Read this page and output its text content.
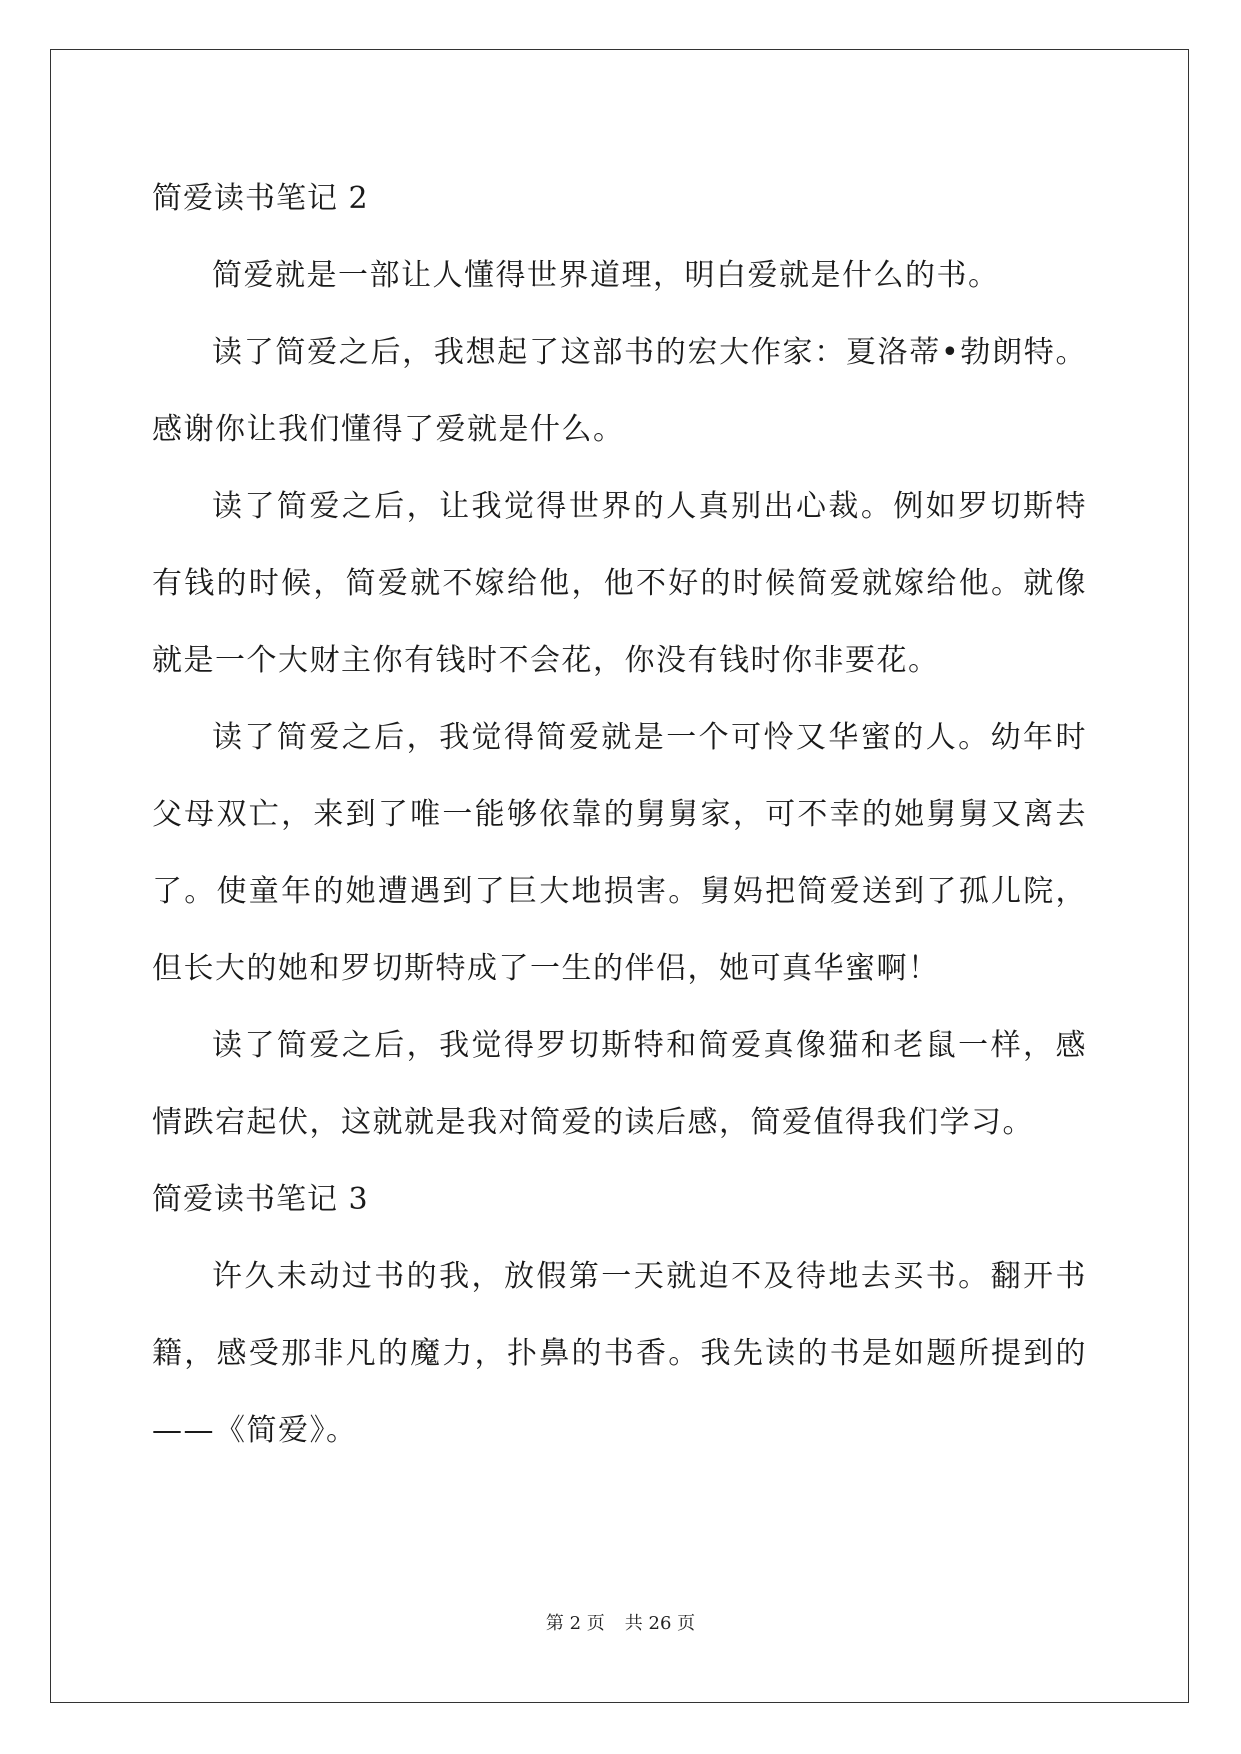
简爱读书笔记 2

简爱就是一部让人懂得世界道理，明白爱就是什么的书。

读了简爱之后，我想起了这部书的宏大作家：夏洛蒂•勃朗特。感谢你让我们懂得了爱就是什么。

读了简爱之后，让我觉得世界的人真别出心裁。例如罗切斯特有钱的时候，简爱就不嫁给他，他不好的时候简爱就嫁给他。就像就是一个大财主你有钱时不会花，你没有钱时你非要花。

读了简爱之后，我觉得简爱就是一个可怜又华蜜的人。幼年时父母双亡，来到了唯一能够依靠的舅舅家，可不幸的她舅舅又离去了。使童年的她遭遇到了巨大地损害。舅妈把简爱送到了孤儿院，但长大的她和罗切斯特成了一生的伴侣，她可真华蜜啊！

读了简爱之后，我觉得罗切斯特和简爱真像猫和老鼠一样，感情跌宕起伏，这就就是我对简爱的读后感，简爱值得我们学习。

简爱读书笔记 3

许久未动过书的我，放假第一天就迫不及待地去买书。翻开书籍，感受那非凡的魔力，扑鼻的书香。我先读的书是如题所提到的——《简爱》。

第 2 页 共 26 页
